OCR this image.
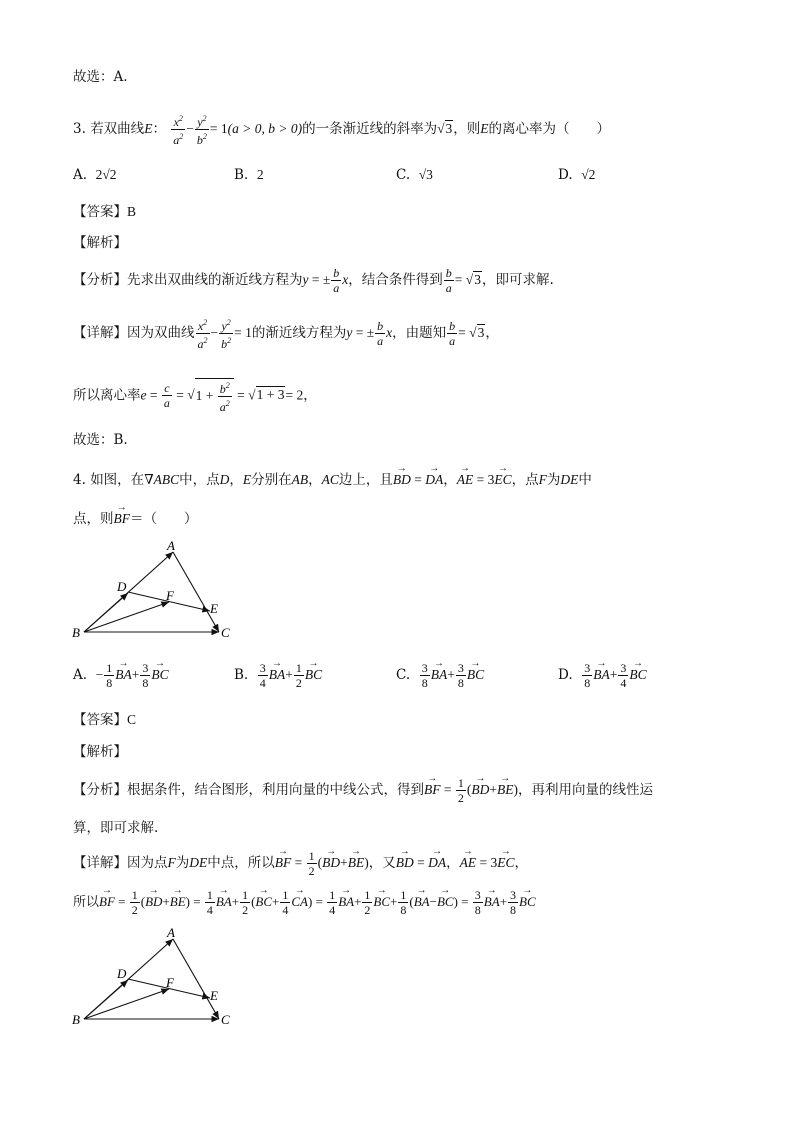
故选：A.
3. 若双曲线E： $\frac{x^2}{a^2} - \frac{y^2}{b^2} = 1(a > 0$, b > 0)的一条渐近线的斜率为√3，则E的离心率为（　　）
A. 2√2	B. 2	C. √3	D. √2
【答案】B
【解析】
【分析】先求出双曲线的渐近线方程为y = ± $\frac{b}{a}$ x，结合条件得到 $\frac{b}{a} = √3$，即可求解.
【详解】因为双曲线 $\frac{x^2}{a^2} - \frac{y^2}{b^2} = 1$的渐近线方程为y = ± $\frac{b}{a}$ x，由题知 $\frac{b}{a} = √3$，
所以离心率$e = \frac{c}{a} = √1 + \frac{b^2}{a^2} = √1 + 3= 2$，
故选：B.
4. 如图，在∇ABC中，点D，E分别在AB，AC边上，且→ BD = → DA，→ AE = 3→ EC，点F为DE中
点，则→ BF＝（　　）
A
B	C
D
E
F
A.  − $\frac{1}{8}$
→ $BA+ \frac{3}{8}$
→ BC	B. $\frac{3}{4}$
→ $BA+ \frac{1}{2}$
→ BC	C. $\frac{3}{8}$
→ $BA+ \frac{3}{8}$
→ BC	D. $\frac{3}{8}$
→ $BA+ \frac{3}{4}$
→ BC
【答案】C
【解析】
【分析】根据条件，结合图形，利用向量的中线公式，得到→ BF = $\frac{1}{2}$ (→ BD+→ BE)，再利用向量的线性运
算，即可求解.
【详解】因为点F为DE中点，所以→ BF = $\frac{1}{2}$ (→ BD+→ BE)，又→ BD = → DA，→ AE = 3→ EC，
所以→ BF = $\frac{1}{2}$ (→ $BD+\to BE) = \frac{1}{4}$
→ $BA+ \frac{1}{2}$ (→ $BC+ \frac{1}{4}$
→ $CA) = \frac{1}{4}$
→ $BA+ \frac{1}{2}$
→ $BC+ \frac{1}{8}$ (→ $BA-\to BC) = \frac{3}{8}$
→ $BA+ \frac{3}{8}$
→ BC
A
B	C
D
E
F
